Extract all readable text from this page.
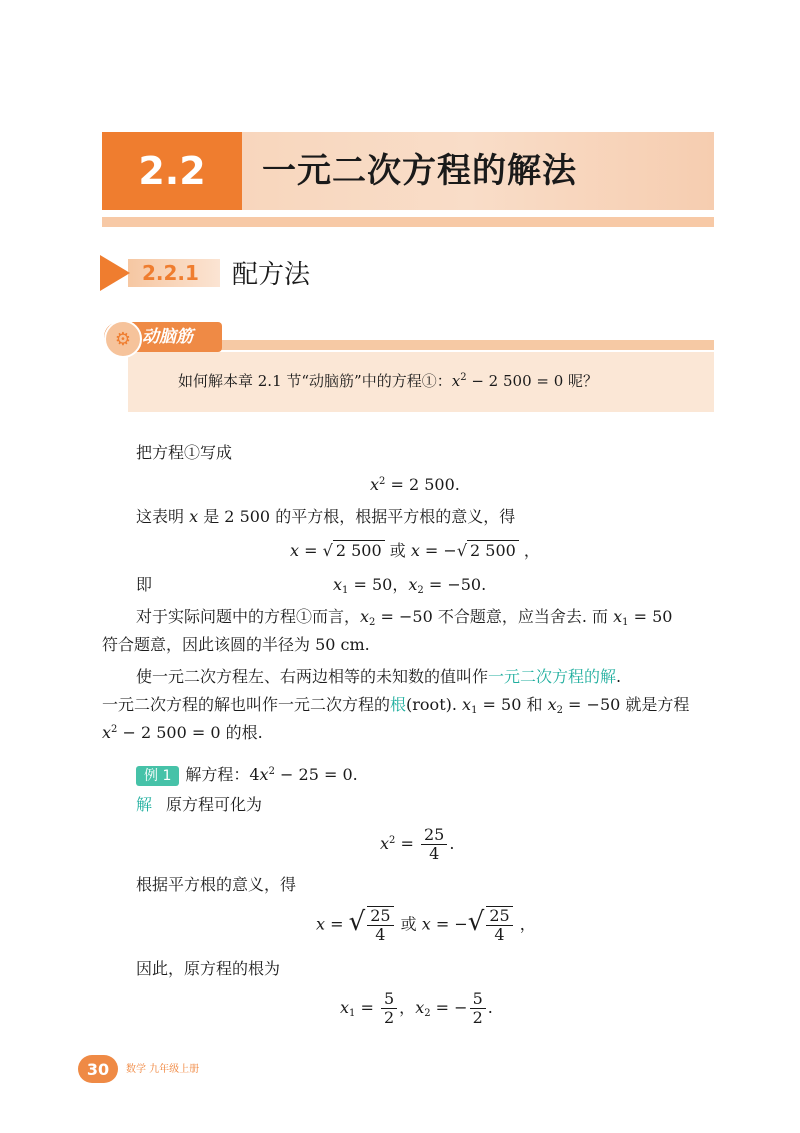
2.2	一元二次方程的解法
2.2.1 配方法
⚙ 动脑筋
如何解本章 2.1 节“动脑筋”中的方程①：$x^2 - 2$ 500 = 0 呢？
把方程①写成
$x^2 = 2$ 500.
这表明 x 是 2 500 的平方根，根据平方根的意义，得
x = √ 2 500 或 x = −√ 2 500 ，
即	$x_1 = 50$，$x_2 = -50$.
对于实际问题中的方程①而言，$x_2 = -50$ 不合题意，应当舍去. 而 $x_1 = 50$
符合题意，因此该圆的半径为 50 cm.
使一元二次方程左、右两边相等的未知数的值叫作一元二次方程的解.
一元二次方程的解也叫作一元二次方程的根(root). $x_1 = 50$ 和 $x_2 = -50$ 就是方程
$x^2 - 2$ 500 = 0 的根.
例 1 解方程：$4x^2 - 25 = 0$.
解 原方程可化为
$x^2 = \frac{25}{4}$ .
根据平方根的意义，得
x = √ $\frac{25}{4}$ 或 x = −√ $\frac{25}{4}$ ，
因此，原方程的根为
$x_1 = \frac{5}{2}$ ，$x_2$ = − $\frac{5}{2}$ .
30	数学 九年级上册
